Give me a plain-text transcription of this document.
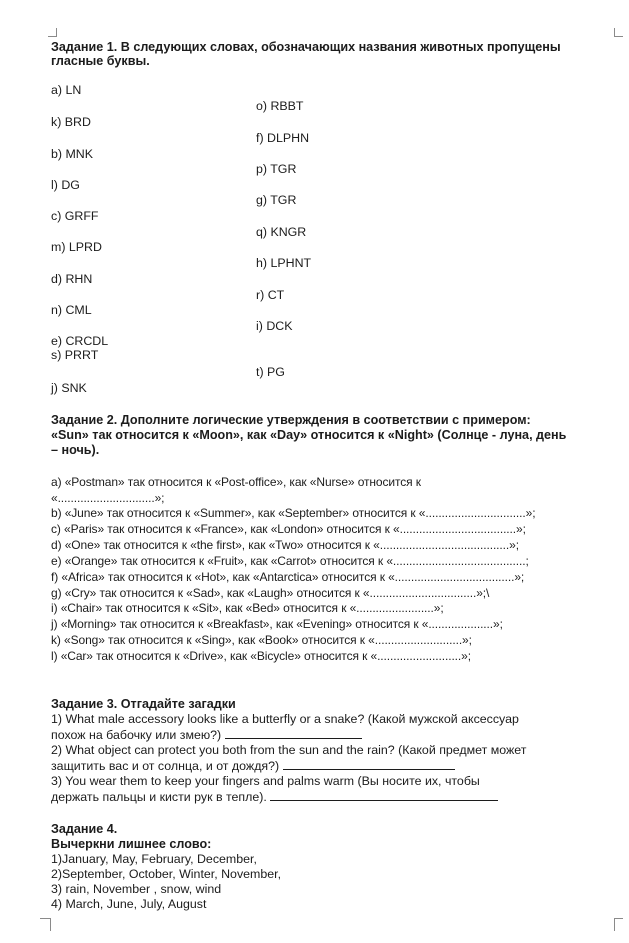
Задание 1. В следующих словах, обозначающих названия животных пропущены
гласные буквы.
a) LN
k) BRD
b) MNK
l) DG
c) GRFF
m) LPRD
d) RHN
n) CML
e) CRCDL
s) PRRT
j) SNK
o) RBBT
f) DLPHN
p) TGR
g) TGR
q) KNGR
h) LPHNT
r) CT
i) DCK
t) PG
Задание 2. Дополните логические утверждения в соответствии с примером:
«Sun» так относится к «Moon», как «Day» относится к «Night» (Солнце - луна, день
– ночь).
a) «Postman» так относится к «Post-office», как «Nurse» относится к
«..............................»;
b) «June» так относится к «Summer», как «September» относится к «...............................»;
c) «Paris» так относится к «France», как «London» относится к «....................................»;
d) «One» так относится к «the first», как «Two» относится к «........................................»;
e) «Orange» так относится к «Fruit», как «Carrot» относится к «.........................................;
f) «Africa» так относится к «Hot», как «Antarctica» относится к «.....................................»;
g) «Cry» так относится к «Sad», как «Laugh» относится к «.................................»;\
i) «Chair» так относится к «Sit», как «Bed» относится к «........................»;
j) «Morning» так относится к «Breakfast», как «Evening» относится к «....................»;
k) «Song» так относится к «Sing», как «Book» относится к «...........................»;
l) «Car» так относится к «Drive», как «Bicycle» относится к «..........................»;
Задание 3. Отгадайте загадки
1) What male accessory looks like a butterfly or a snake? (Какой мужской аксессуар
похож на бабочку или змею?)
2) What object can protect you both from the sun and the rain? (Какой предмет может
защитить вас и от солнца, и от дождя?)
3) You wear them to keep your fingers and palms warm (Вы носите их, чтобы
держать пальцы и кисти рук в тепле).
Задание 4.
Вычеркни лишнее слово:
1)January, May, February, December,
2)September, October, Winter, November,
3) rain, November , snow, wind
4) March, June, July, August
